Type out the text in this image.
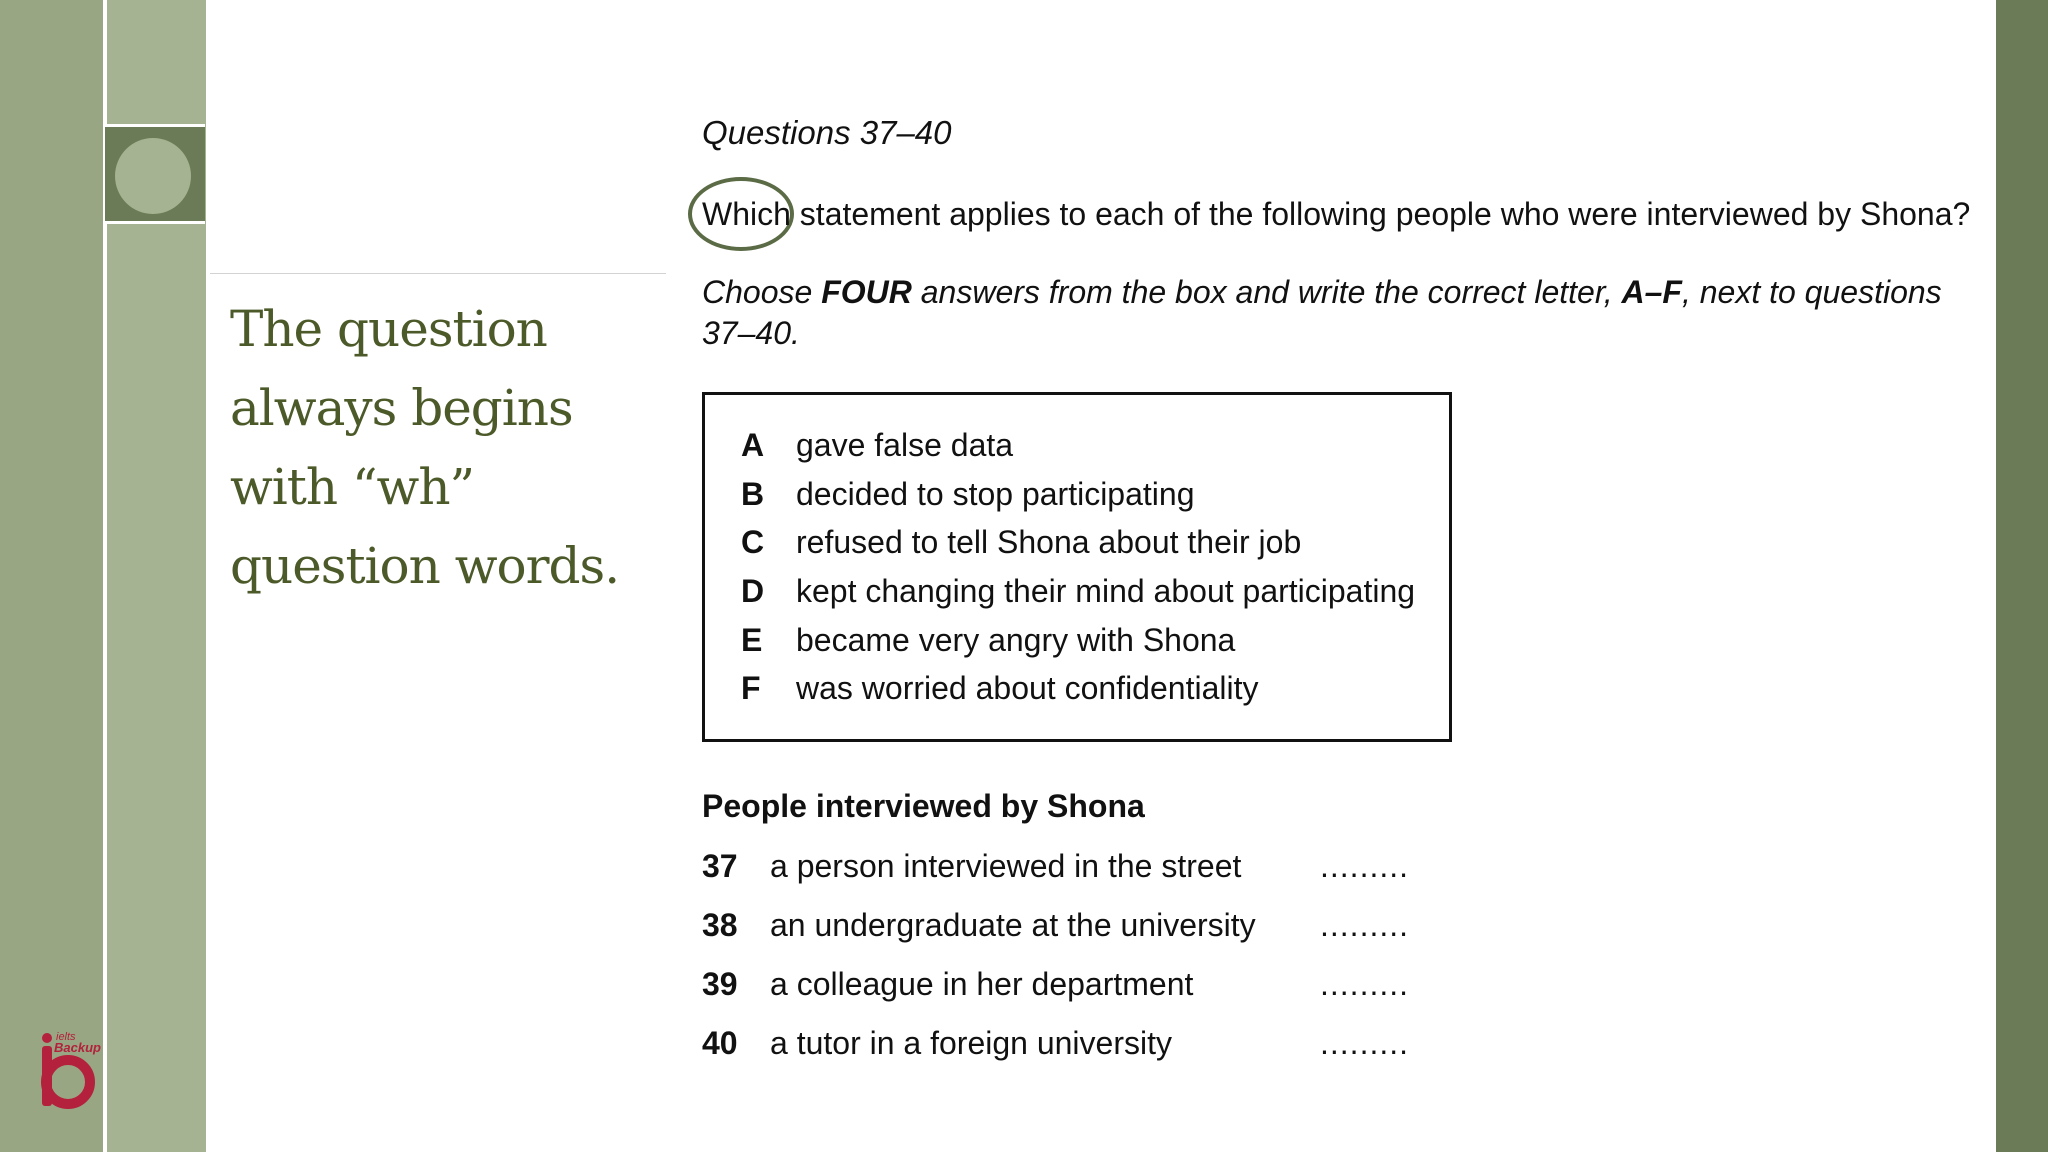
The question always begins with “wh” question words.
ielts
Backup
Questions 37–40
Which statement applies to each of the following people who were interviewed by Shona?
Choose FOUR answers from the box and write the correct letter, A–F, next to questions 37–40.
A gave false data
B decided to stop participating
C refused to tell Shona about their job
D kept changing their mind about participating
E became very angry with Shona
F was worried about confidentiality
People interviewed by Shona
37 a person interviewed in the street .........
38 an undergraduate at the university .........
39 a colleague in her department	.........
40 a tutor in a foreign university	.........
